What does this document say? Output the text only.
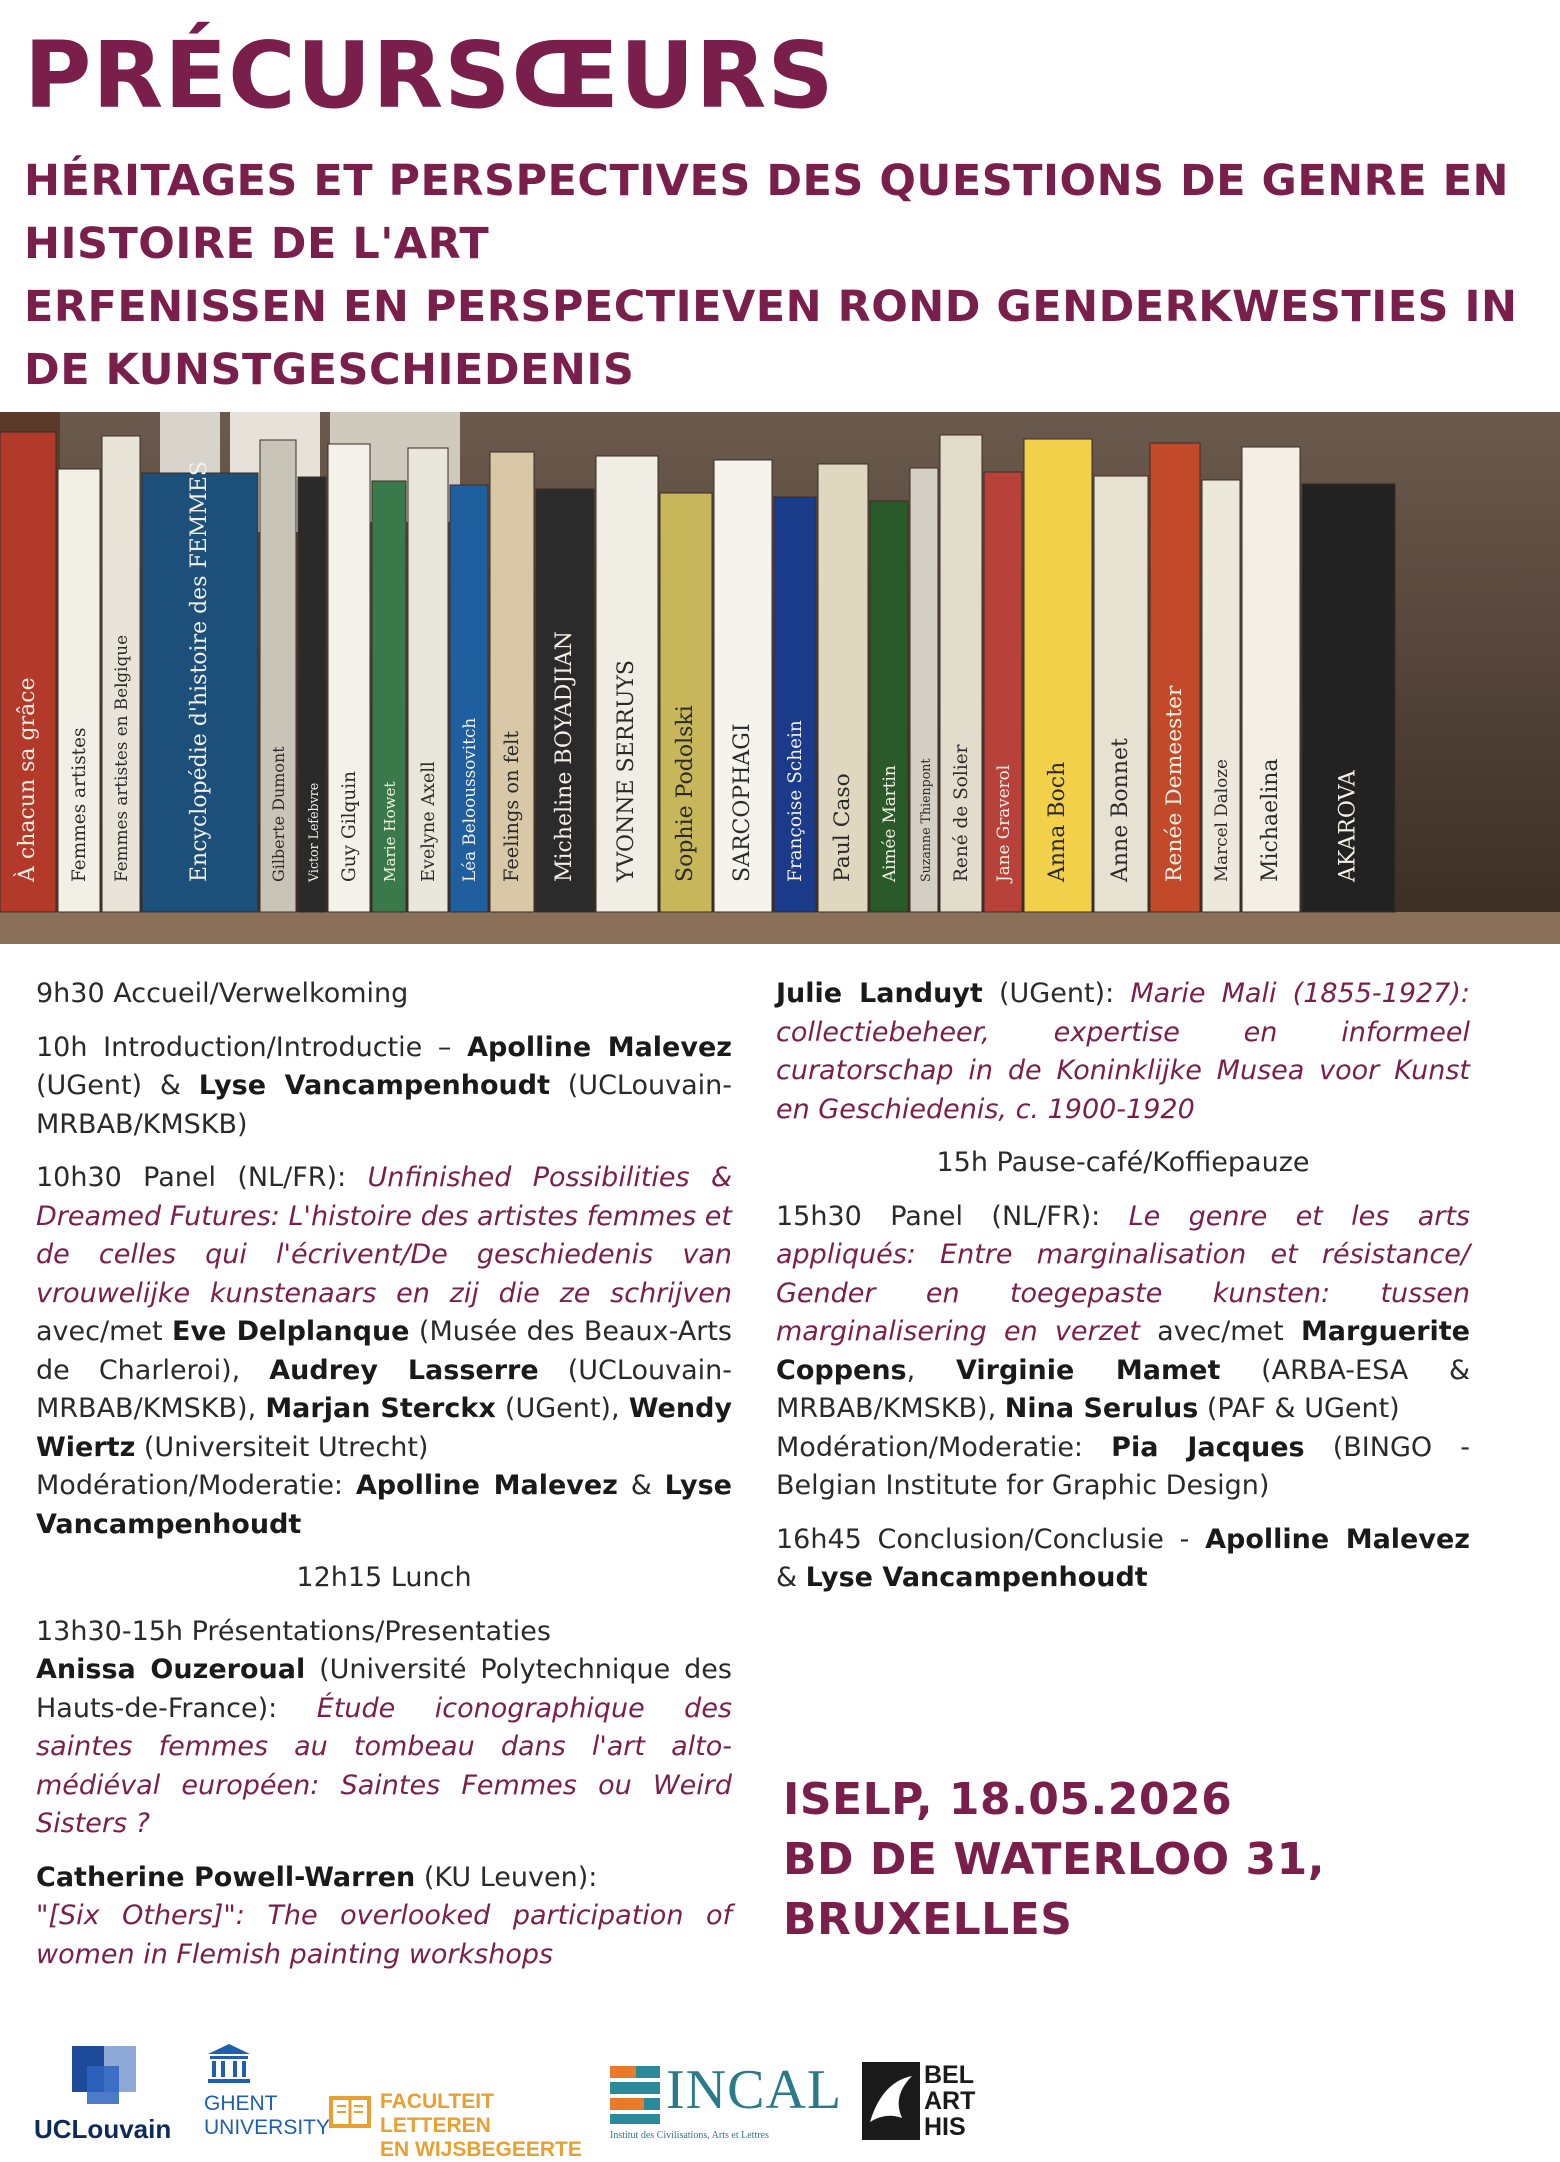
PRÉCURSŒURS
HÉRITAGES ET PERSPECTIVES DES QUESTIONS DE GENRE EN HISTOIRE DE L'ART
ERFENISSEN EN PERSPECTIEVEN ROND GENDERKWESTIES IN DE KUNSTGESCHIEDENIS
À chacun sa grâce Femmes artistes Femmes artistes en Belgique	Encyclopédie d'histoire des FEMMES	Gilberte Dumont Victor Lefebvre Guy Gilquin Marie Howet Evelyne Axell Léa Belooussovitch Feelings on felt Micheline BOYADJIAN YVONNE SERRUYS Sophie Podolski SARCOPHAGI Françoise Schein Paul Caso Aimée Martin Suzanne Thienpont René de Solier Jane Graverol Anna Boch Anne Bonnet Renée Demeester Marcel Daloze Michaelina AKAROVA

9h30 Accueil/Verwelkoming

10h Introduction/Introductie – Apolline Malevez (UGent) & Lyse Vancampenhoudt (UCLouvain-MRBAB/KMSKB)

10h30 Panel (NL/FR): Unfinished Possibilities & Dreamed Futures: L'histoire des artistes femmes et de celles qui l'écrivent/De geschiedenis van vrouwelijke kunstenaars en zij die ze schrijven avec/met Eve Delplanque (Musée des Beaux-Arts de Charleroi), Audrey Lasserre (UCLouvain-MRBAB/KMSKB), Marjan Sterckx (UGent), Wendy Wiertz (Universiteit Utrecht)
Modération/Moderatie: Apolline Malevez & Lyse Vancampenhoudt

12h15 Lunch

13h30-15h Présentations/Presentaties
Anissa Ouzeroual (Université Polytechnique des Hauts-de-France): Étude iconographique des saintes femmes au tombeau dans l'art alto-médiéval européen: Saintes Femmes ou Weird Sisters ?

Catherine Powell-Warren (KU Leuven):
"[Six Others]": The overlooked participation of women in Flemish painting workshops

Julie Landuyt (UGent): Marie Mali (1855-1927): collectiebeheer, expertise en informeel curatorschap in de Koninklijke Musea voor Kunst en Geschiedenis, c. 1900-1920

15h Pause-café/Koffiepauze

15h30 Panel (NL/FR): Le genre et les arts appliqués: Entre marginalisation et résistance/ Gender en toegepaste kunsten: tussen marginalisering en verzet avec/met Marguerite Coppens, Virginie Mamet (ARBA-ESA & MRBAB/KMSKB), Nina Serulus (PAF & UGent)
Modération/Moderatie: Pia Jacques (BINGO - Belgian Institute for Graphic Design)

16h45 Conclusion/Conclusie - Apolline Malevez & Lyse Vancampenhoudt

ISELP, 18.05.2026
BD DE WATERLOO 31,
BRUXELLES
UCLouvain
GHENT
UNIVERSITY
FACULTEIT LETTEREN
EN WIJSBEGEERTE
INCAL
Institut des Civilisations, Arts et Lettres
BEL
ART
HIS
